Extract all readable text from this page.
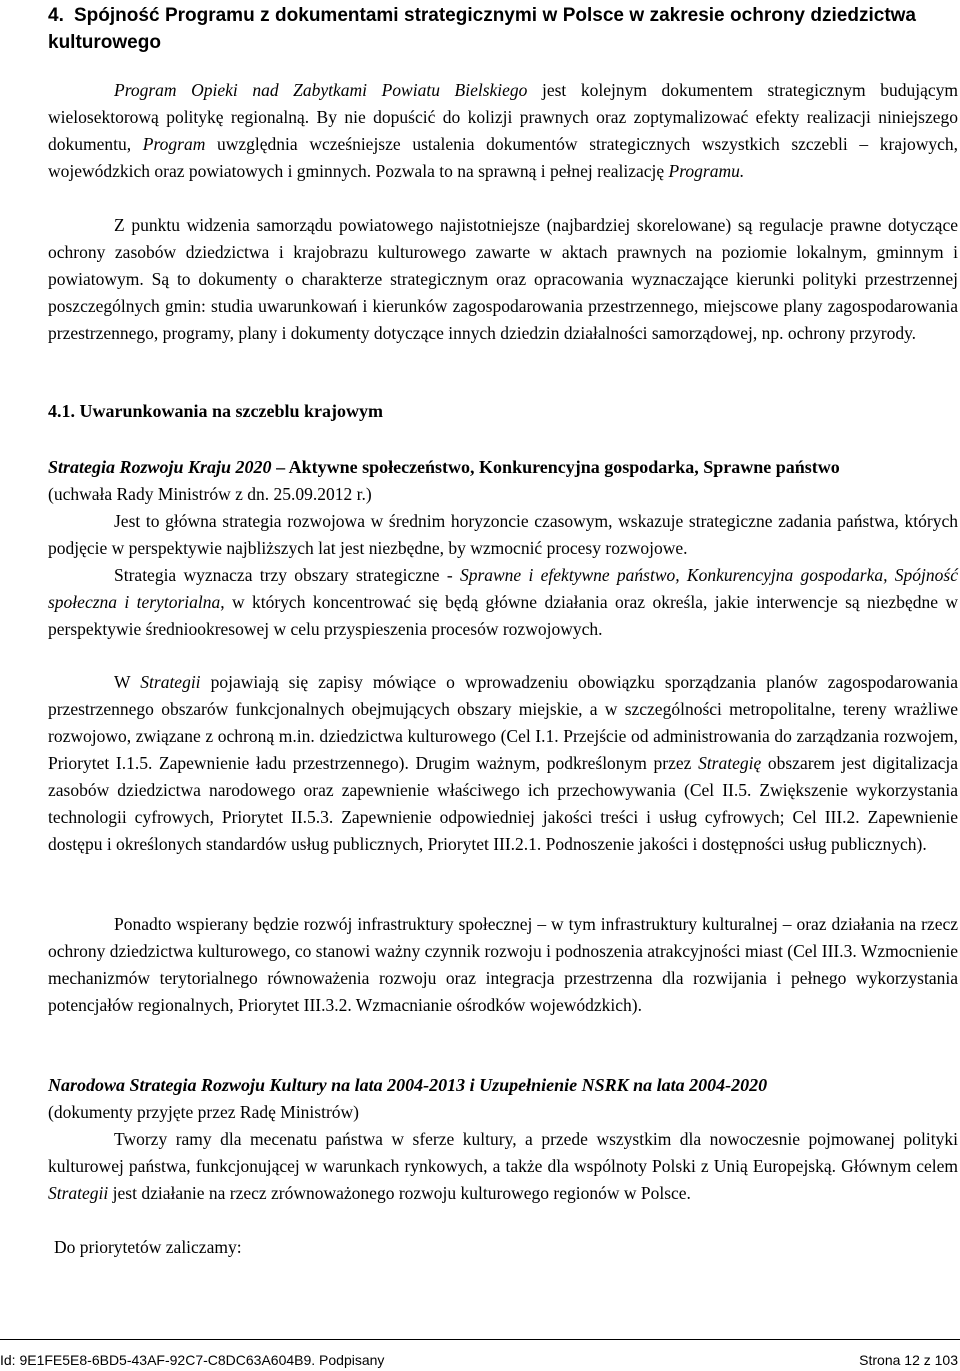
4. Spójność Programu z dokumentami strategicznymi w Polsce w zakresie ochrony dziedzictwa kulturowego
Program Opieki nad Zabytkami Powiatu Bielskiego jest kolejnym dokumentem strategicznym budującym wielosektorową politykę regionalną. By nie dopuścić do kolizji prawnych oraz zoptymalizować efekty realizacji niniejszego dokumentu, Program uwzględnia wcześniejsze ustalenia dokumentów strategicznych wszystkich szczebli – krajowych, wojewódzkich oraz powiatowych i gminnych. Pozwala to na sprawną i pełnej realizację Programu.
Z punktu widzenia samorządu powiatowego najistotniejsze (najbardziej skorelowane) są regulacje prawne dotyczące ochrony zasobów dziedzictwa i krajobrazu kulturowego zawarte w aktach prawnych na poziomie lokalnym, gminnym i powiatowym. Są to dokumenty o charakterze strategicznym oraz opracowania wyznaczające kierunki polityki przestrzennej poszczególnych gmin: studia uwarunkowań i kierunków zagospodarowania przestrzennego, miejscowe plany zagospodarowania przestrzennego, programy, plany i dokumenty dotyczące innych dziedzin działalności samorządowej, np. ochrony przyrody.
4.1. Uwarunkowania na szczeblu krajowym
Strategia Rozwoju Kraju 2020 – Aktywne społeczeństwo, Konkurencyjna gospodarka, Sprawne państwo
(uchwała Rady Ministrów z dn. 25.09.2012 r.)
Jest to główna strategia rozwojowa w średnim horyzoncie czasowym, wskazuje strategiczne zadania państwa, których podjęcie w perspektywie najbliższych lat jest niezbędne, by wzmocnić procesy rozwojowe.
Strategia wyznacza trzy obszary strategiczne - Sprawne i efektywne państwo, Konkurencyjna gospodarka, Spójność społeczna i terytorialna, w których koncentrować się będą główne działania oraz określa, jakie interwencje są niezbędne w perspektywie średniookresowej w celu przyspieszenia procesów rozwojowych.
W Strategii pojawiają się zapisy mówiące o wprowadzeniu obowiązku sporządzania planów zagospodarowania przestrzennego obszarów funkcjonalnych obejmujących obszary miejskie, a w szczególności metropolitalne, tereny wrażliwe rozwojowo, związane z ochroną m.in. dziedzictwa kulturowego (Cel I.1. Przejście od administrowania do zarządzania rozwojem, Priorytet I.1.5. Zapewnienie ładu przestrzennego). Drugim ważnym, podkreślonym przez Strategię obszarem jest digitalizacja zasobów dziedzictwa narodowego oraz zapewnienie właściwego ich przechowywania (Cel II.5. Zwiększenie wykorzystania technologii cyfrowych, Priorytet II.5.3. Zapewnienie odpowiedniej jakości treści i usług cyfrowych; Cel III.2. Zapewnienie dostępu i określonych standardów usług publicznych, Priorytet III.2.1. Podnoszenie jakości i dostępności usług publicznych).
Ponadto wspierany będzie rozwój infrastruktury społecznej – w tym infrastruktury kulturalnej – oraz działania na rzecz ochrony dziedzictwa kulturowego, co stanowi ważny czynnik rozwoju i podnoszenia atrakcyjności miast (Cel III.3. Wzmocnienie mechanizmów terytorialnego równoważenia rozwoju oraz integracja przestrzenna dla rozwijania i pełnego wykorzystania potencjałów regionalnych, Priorytet III.3.2. Wzmacnianie ośrodków wojewódzkich).
Narodowa Strategia Rozwoju Kultury na lata 2004-2013 i Uzupełnienie NSRK na lata 2004-2020
(dokumenty przyjęte przez Radę Ministrów)
Tworzy ramy dla mecenatu państwa w sferze kultury, a przede wszystkim dla nowoczesnie pojmowanej polityki kulturowej państwa, funkcjonującej w warunkach rynkowych, a także dla wspólnoty Polski z Unią Europejską. Głównym celem Strategii jest działanie na rzecz zrównoważonego rozwoju kulturowego regionów w Polsce.
Do priorytetów zaliczamy:
Id: 9E1FE5E8-6BD5-43AF-92C7-C8DC63A604B9. Podpisany	Strona 12 z 103
